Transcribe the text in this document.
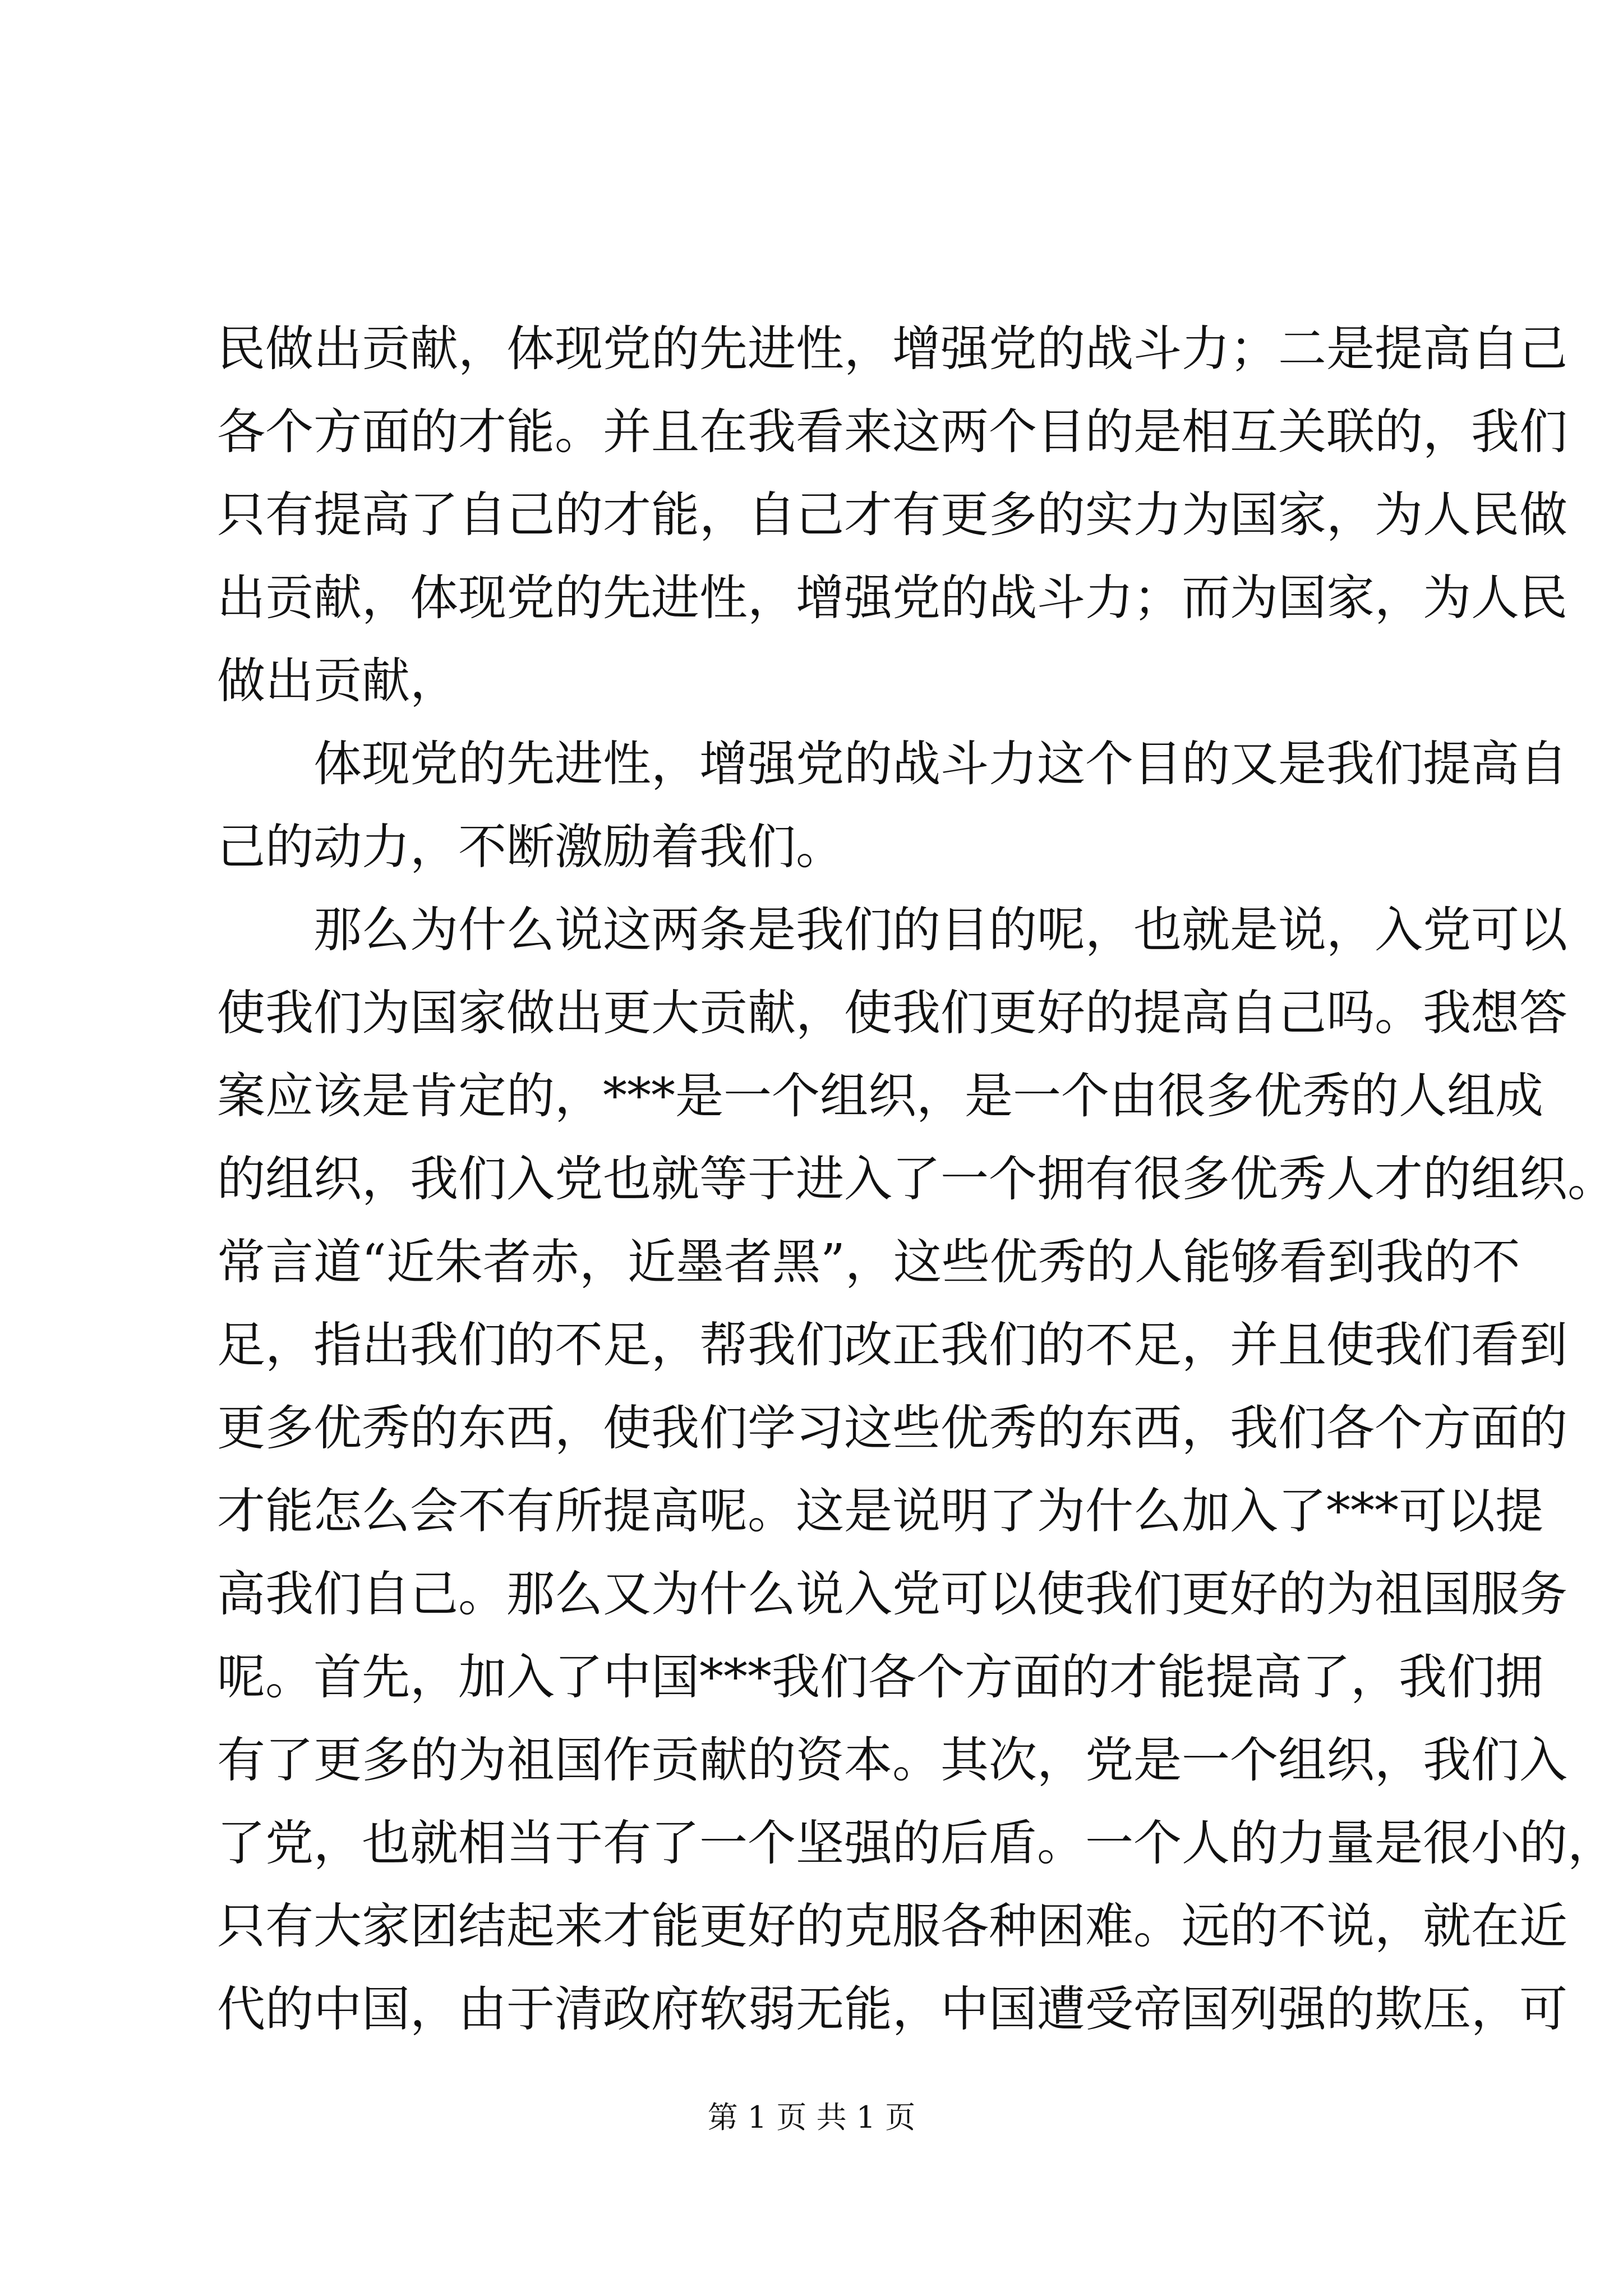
民做出贡献，体现党的先进性，增强党的战斗力；二是提高自己
各个方面的才能。并且在我看来这两个目的是相互关联的，我们
只有提高了自己的才能，自己才有更多的实力为国家，为人民做
出贡献，体现党的先进性，增强党的战斗力；而为国家，为人民
做出贡献，
体现党的先进性，增强党的战斗力这个目的又是我们提高自
己的动力，不断激励着我们。
那么为什么说这两条是我们的目的呢，也就是说，入党可以
使我们为国家做出更大贡献，使我们更好的提高自己吗。我想答
案应该是肯定的，***是一个组织，是一个由很多优秀的人组成
的组织，我们入党也就等于进入了一个拥有很多优秀人才的组织。
常言道“近朱者赤，近墨者黑”，这些优秀的人能够看到我的不
足，指出我们的不足，帮我们改正我们的不足，并且使我们看到
更多优秀的东西，使我们学习这些优秀的东西，我们各个方面的
才能怎么会不有所提高呢。这是说明了为什么加入了***可以提
高我们自己。那么又为什么说入党可以使我们更好的为祖国服务
呢。首先，加入了中国***我们各个方面的才能提高了，我们拥
有了更多的为祖国作贡献的资本。其次，党是一个组织，我们入
了党，也就相当于有了一个坚强的后盾。一个人的力量是很小的，
只有大家团结起来才能更好的克服各种困难。远的不说，就在近
代的中国，由于清政府软弱无能，中国遭受帝国列强的欺压，可
第 1 页 共 1 页
